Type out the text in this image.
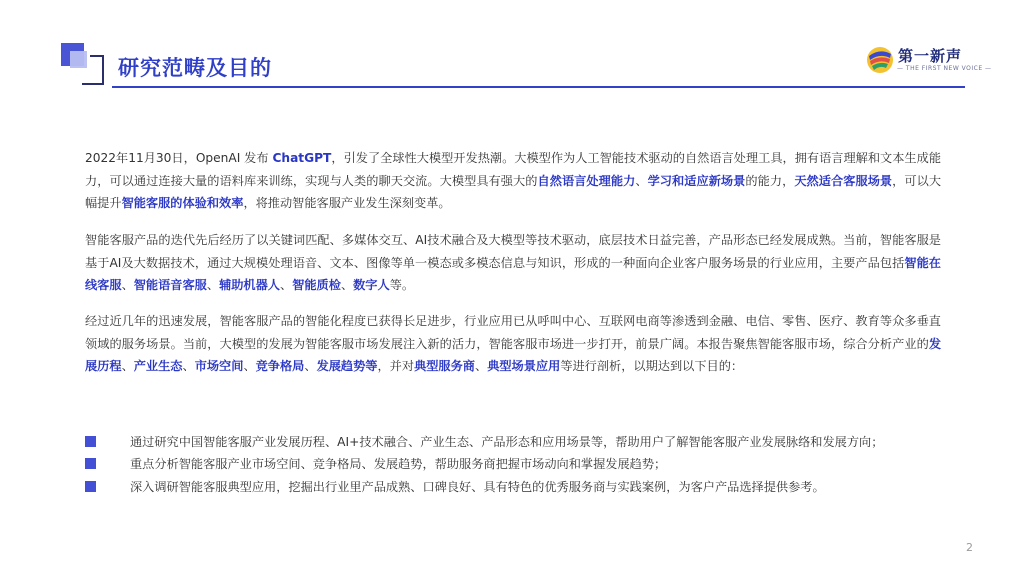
研究范畴及目的	第一新声
— THE FIRST NEW VOICE —
2022年11月30日，OpenAI 发布 ChatGPT，引发了全球性大模型开发热潮。大模型作为人工智能技术驱动的自然语言处理工具，拥有语言理解和文本生成能力，可以通过连接大量的语料库来训练，实现与人类的聊天交流。大模型具有强大的自然语言处理能力、学习和适应新场景的能力，天然适合客服场景，可以大幅提升智能客服的体验和效率，将推动智能客服产业发生深刻变革。
智能客服产品的迭代先后经历了以关键词匹配、多媒体交互、AI技术融合及大模型等技术驱动，底层技术日益完善，产品形态已经发展成熟。当前，智能客服是基于AI及大数据技术，通过大规模处理语音、文本、图像等单一模态或多模态信息与知识，形成的一种面向企业客户服务场景的行业应用，主要产品包括智能在线客服、智能语音客服、辅助机器人、智能质检、数字人等。
经过近几年的迅速发展，智能客服产品的智能化程度已获得长足进步，行业应用已从呼叫中心、互联网电商等渗透到金融、电信、零售、医疗、教育等众多垂直领域的服务场景。当前，大模型的发展为智能客服市场发展注入新的活力，智能客服市场进一步打开，前景广阔。本报告聚焦智能客服市场，综合分析产业的发展历程、产业生态、市场空间、竞争格局、发展趋势等，并对典型服务商、典型场景应用等进行剖析，以期达到以下目的：
通过研究中国智能客服产业发展历程、AI+技术融合、产业生态、产品形态和应用场景等，帮助用户了解智能客服产业发展脉络和发展方向；
重点分析智能客服产业市场空间、竞争格局、发展趋势，帮助服务商把握市场动向和掌握发展趋势；
深入调研智能客服典型应用，挖掘出行业里产品成熟、口碑良好、具有特色的优秀服务商与实践案例，为客户产品选择提供参考。
2
